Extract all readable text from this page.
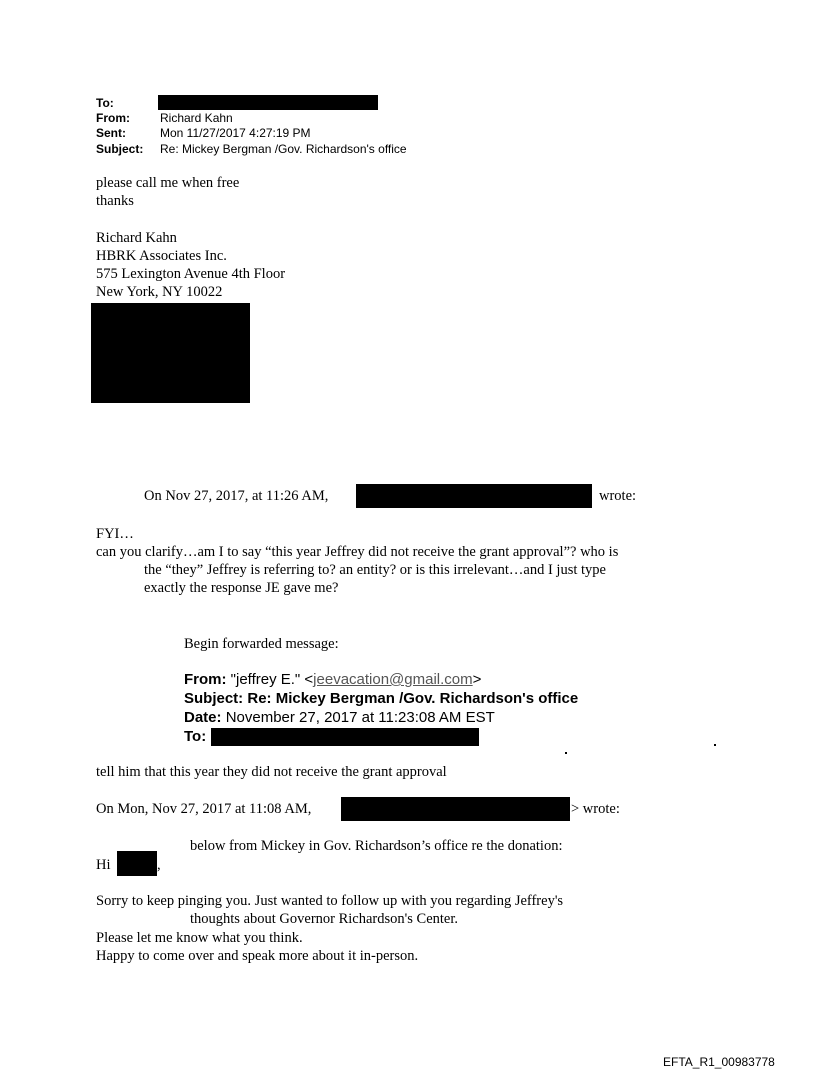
To:
From:	Richard Kahn
Sent:	Mon 11/27/2017 4:27:19 PM
Subject: Re: Mickey Bergman /Gov. Richardson's office
please call me when free
thanks
Richard Kahn
HBRK Associates Inc.
575 Lexington Avenue 4th Floor
New York, NY 10022
On Nov 27, 2017, at 11:26 AM,	wrote:
FYI…
can you clarify…am I to say “this year Jeffrey did not receive the grant approval”? who is
the “they” Jeffrey is referring to? an entity? or is this irrelevant…and I just type
exactly the response JE gave me?
Begin forwarded message:
From: "jeffrey E." <jeevacation@gmail.com>
Subject: Re: Mickey Bergman /Gov. Richardson's office
Date: November 27, 2017 at 11:23:08 AM EST
To:
tell him that this year they did not receive the grant approval
On Mon, Nov 27, 2017 at 11:08 AM,	> wrote:
below from Mickey in Gov. Richardson’s office re the donation:
Hi	,
Sorry to keep pinging you. Just wanted to follow up with you regarding Jeffrey's
thoughts about Governor Richardson's Center.
Please let me know what you think.
Happy to come over and speak more about it in-person.
EFTA_R1_00983778
